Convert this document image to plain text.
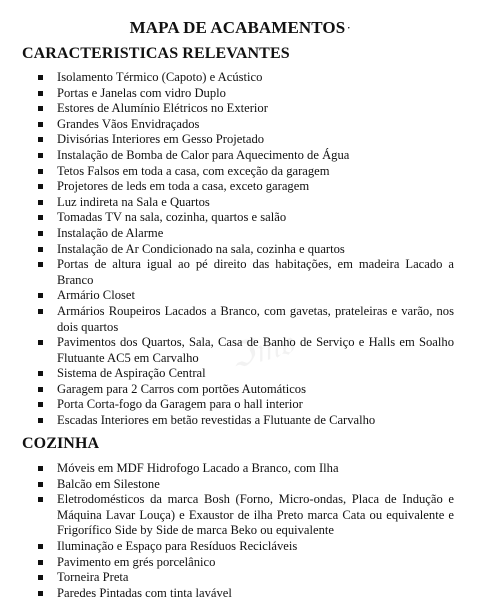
ℑ𝔪𝔬
MAPA DE ACABAMENTOS ·
CARACTERISTICAS RELEVANTES
Isolamento Térmico (Capoto) e Acústico
Portas e Janelas com vidro Duplo
Estores de Alumínio Elétricos no Exterior
Grandes Vãos Envidraçados
Divisórias Interiores em Gesso Projetado
Instalação de Bomba de Calor para Aquecimento de Água
Tetos Falsos em toda a casa, com exceção da garagem
Projetores de leds em toda a casa, exceto garagem
Luz indireta na Sala e Quartos
Tomadas TV na sala, cozinha, quartos e salão
Instalação de Alarme
Instalação de Ar Condicionado na sala, cozinha e quartos
Portas de altura igual ao pé direito das habitações, em madeira Lacado a Branco
Armário Closet
Armários Roupeiros Lacados a Branco, com gavetas, prateleiras e varão, nos dois quartos
Pavimentos dos Quartos, Sala, Casa de Banho de Serviço e Halls em Soalho Flutuante AC5 em Carvalho
Sistema de Aspiração Central
Garagem para 2 Carros com portões Automáticos
Porta Corta-fogo da Garagem para o hall interior
Escadas Interiores em betão revestidas a Flutuante de Carvalho
COZINHA
Móveis em MDF Hidrofogo Lacado a Branco, com Ilha
Balcão em Silestone
Eletrodomésticos da marca Bosh (Forno, Micro-ondas, Placa de Indução e Máquina Lavar Louça) e Exaustor de ilha Preto marca Cata ou equivalente e Frigorífico Side by Side de marca Beko ou equivalente
Iluminação e Espaço para Resíduos Recicláveis
Pavimento em grés porcelânico
Torneira Preta
Paredes Pintadas com tinta lavável
